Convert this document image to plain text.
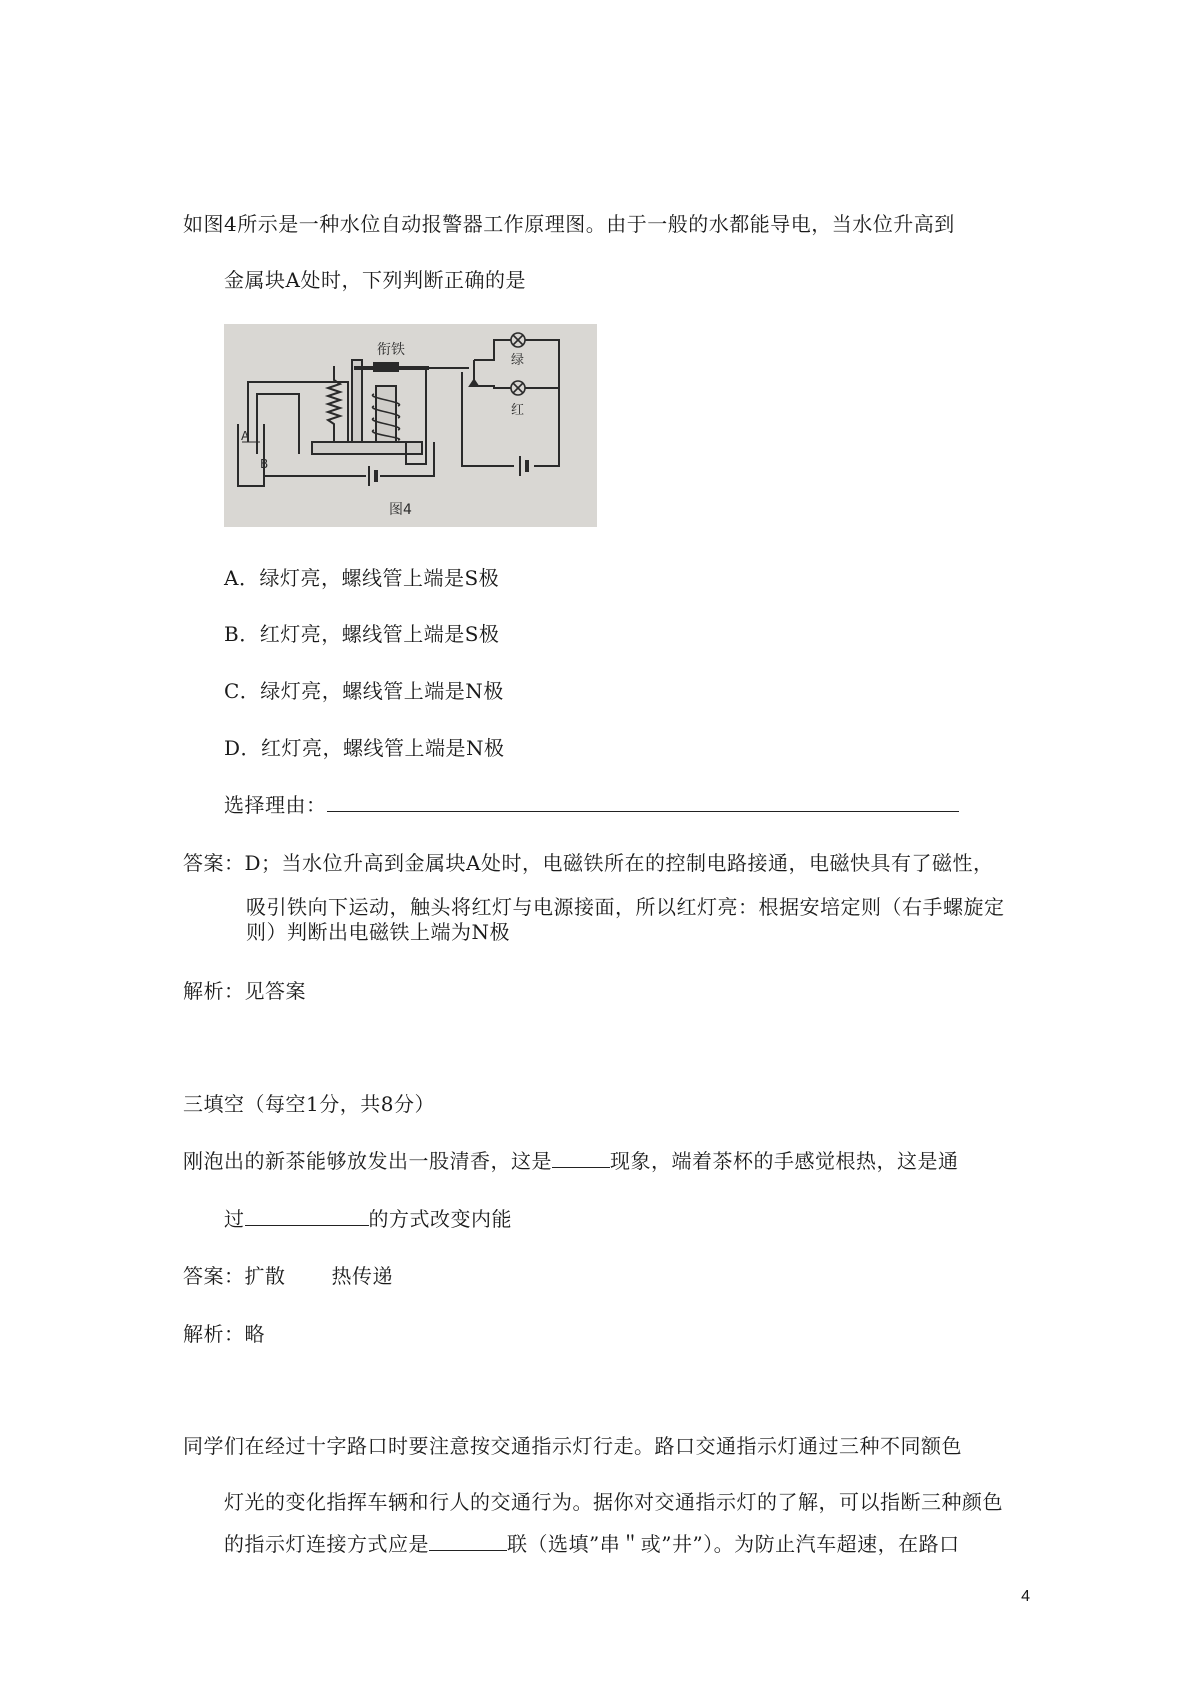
如图4所示是一种水位自动报警器工作原理图。由于一般的水都能导电，当水位升高到
金属块A处时，下列判断正确的是
衔铁
绿
红
A
B
图4
A．绿灯亮，螺线管上端是S极
B．红灯亮，螺线管上端是S极
C．绿灯亮，螺线管上端是N极
D．红灯亮，螺线管上端是N极
选择理由：
答案：D；当水位升高到金属块A处时，电磁铁所在的控制电路接通，电磁快具有了磁性，
吸引铁向下运动，触头将红灯与电源接面，所以红灯亮：根据安培定则（右手螺旋定
则）判断出电磁铁上端为N极
解析：见答案
三填空（每空1分，共8分）
刚泡出的新茶能够放发出一股清香，这是	现象，端着茶杯的手感觉根热，这是通
过	的方式改变内能
答案：扩散 热传递
解析：略
同学们在经过十字路口时要注意按交通指示灯行走。路口交通指示灯通过三种不同额色
灯光的变化指挥车辆和行人的交通行为。据你对交通指示灯的了解，可以指断三种颜色
的指示灯连接方式应是	联（选填”串＂或”井”）。为防止汽车超速，在路口
4
